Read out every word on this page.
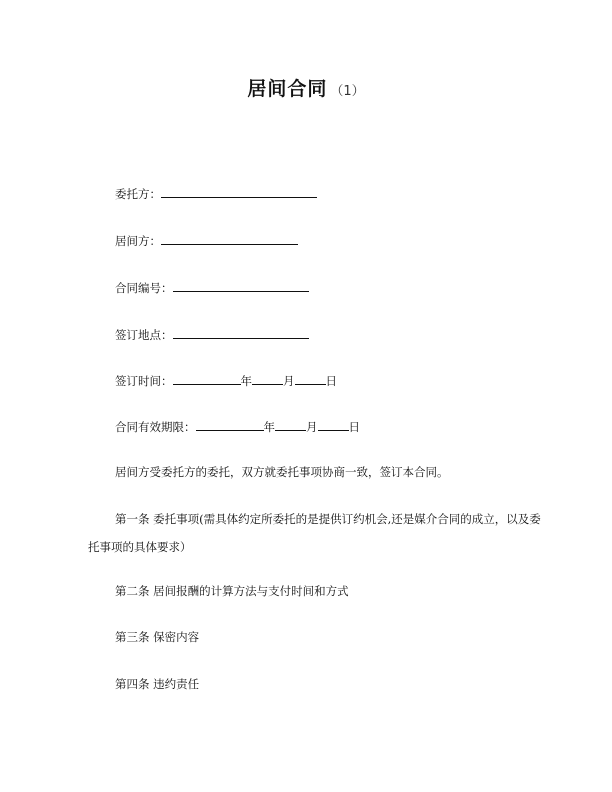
居间合同 （1）
委托方：
居间方：
合同编号：
签订地点：
签订时间：	年	月	日
合同有效期限：	年	月	日
居间方受委托方的委托，双方就委托事项协商一致，签订本合同。
第一条 委托事项(需具体约定所委托的是提供订约机会,还是媒介合同的成立，以及委托事项的具体要求）
第二条 居间报酬的计算方法与支付时间和方式
第三条 保密内容
第四条 违约责任
